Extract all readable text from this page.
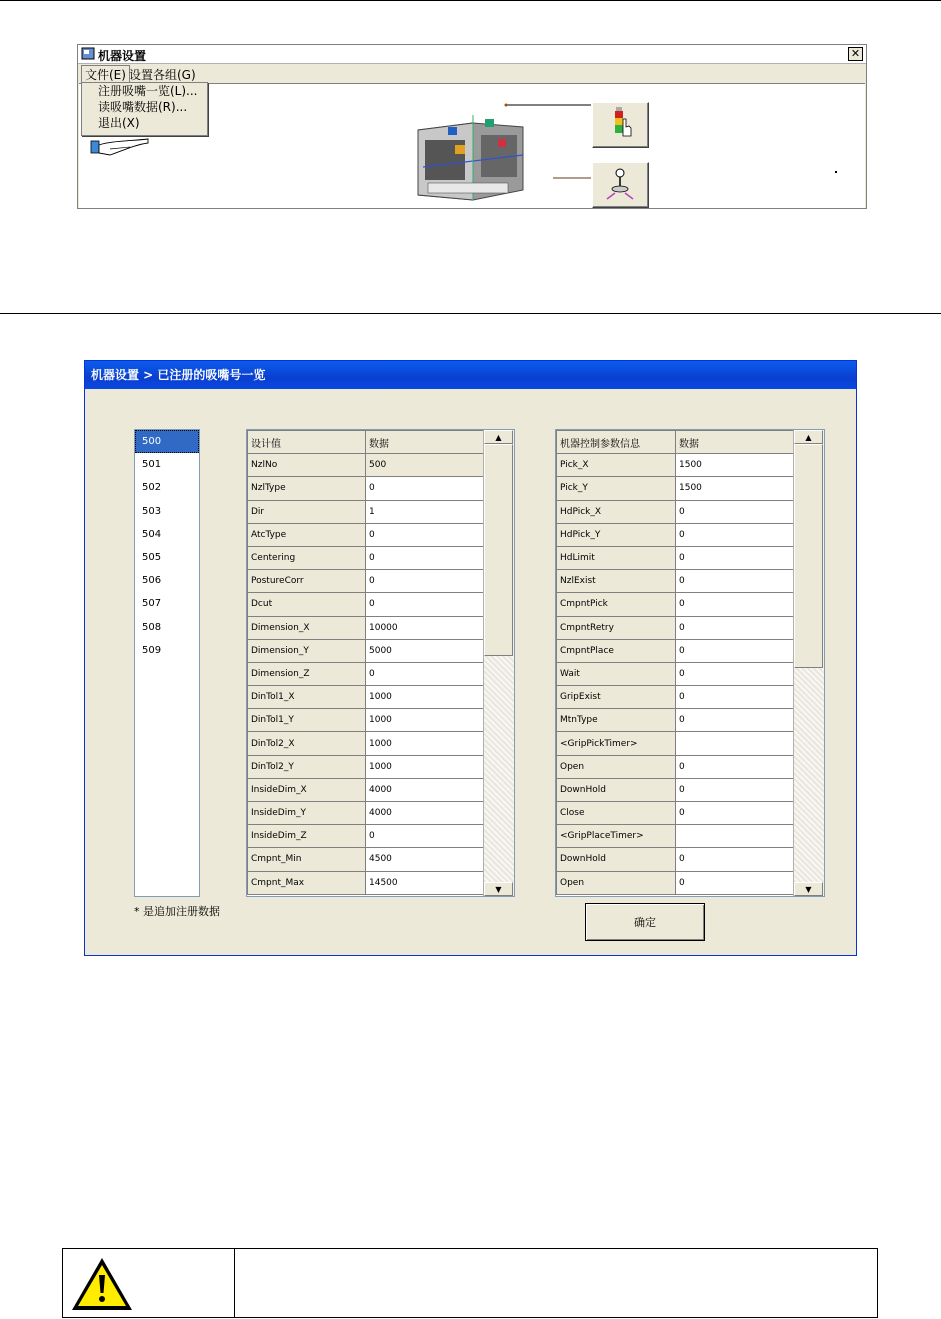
机器设置	✕
文件(E) 设置各组(G)
注册吸嘴一览(L)...
读吸嘴数据(R)...
退出(X)
机器设置 > 已注册的吸嘴号一览
500
501
502
503
504
505
506
507
508
509
* 是追加注册数据
设计值	数据
NzlNo	500
NzlType	0
Dir	1
AtcType	0
Centering	0
PostureCorr	0
Dcut	0
Dimension_X	10000
Dimension_Y	5000
Dimension_Z	0
DinTol1_X	1000
DinTol1_Y	1000
DinTol2_X	1000
DinTol2_Y	1000
InsideDim_X	4000
InsideDim_Y	4000
InsideDim_Z	0
Cmpnt_Min	4500
Cmpnt_Max	14500
▲
▼
机器控制参数信息	数据
Pick_X	1500
Pick_Y	1500
HdPick_X	0
HdPick_Y	0
HdLimit	0
NzlExist	0
CmpntPick	0
CmpntRetry	0
CmpntPlace	0
Wait	0
GripExist	0
MtnType	0
<GripPickTimer>	
Open	0
DownHold	0
Close	0
<GripPlaceTimer>	
DownHold	0
Open	0
▲
▼
确定
